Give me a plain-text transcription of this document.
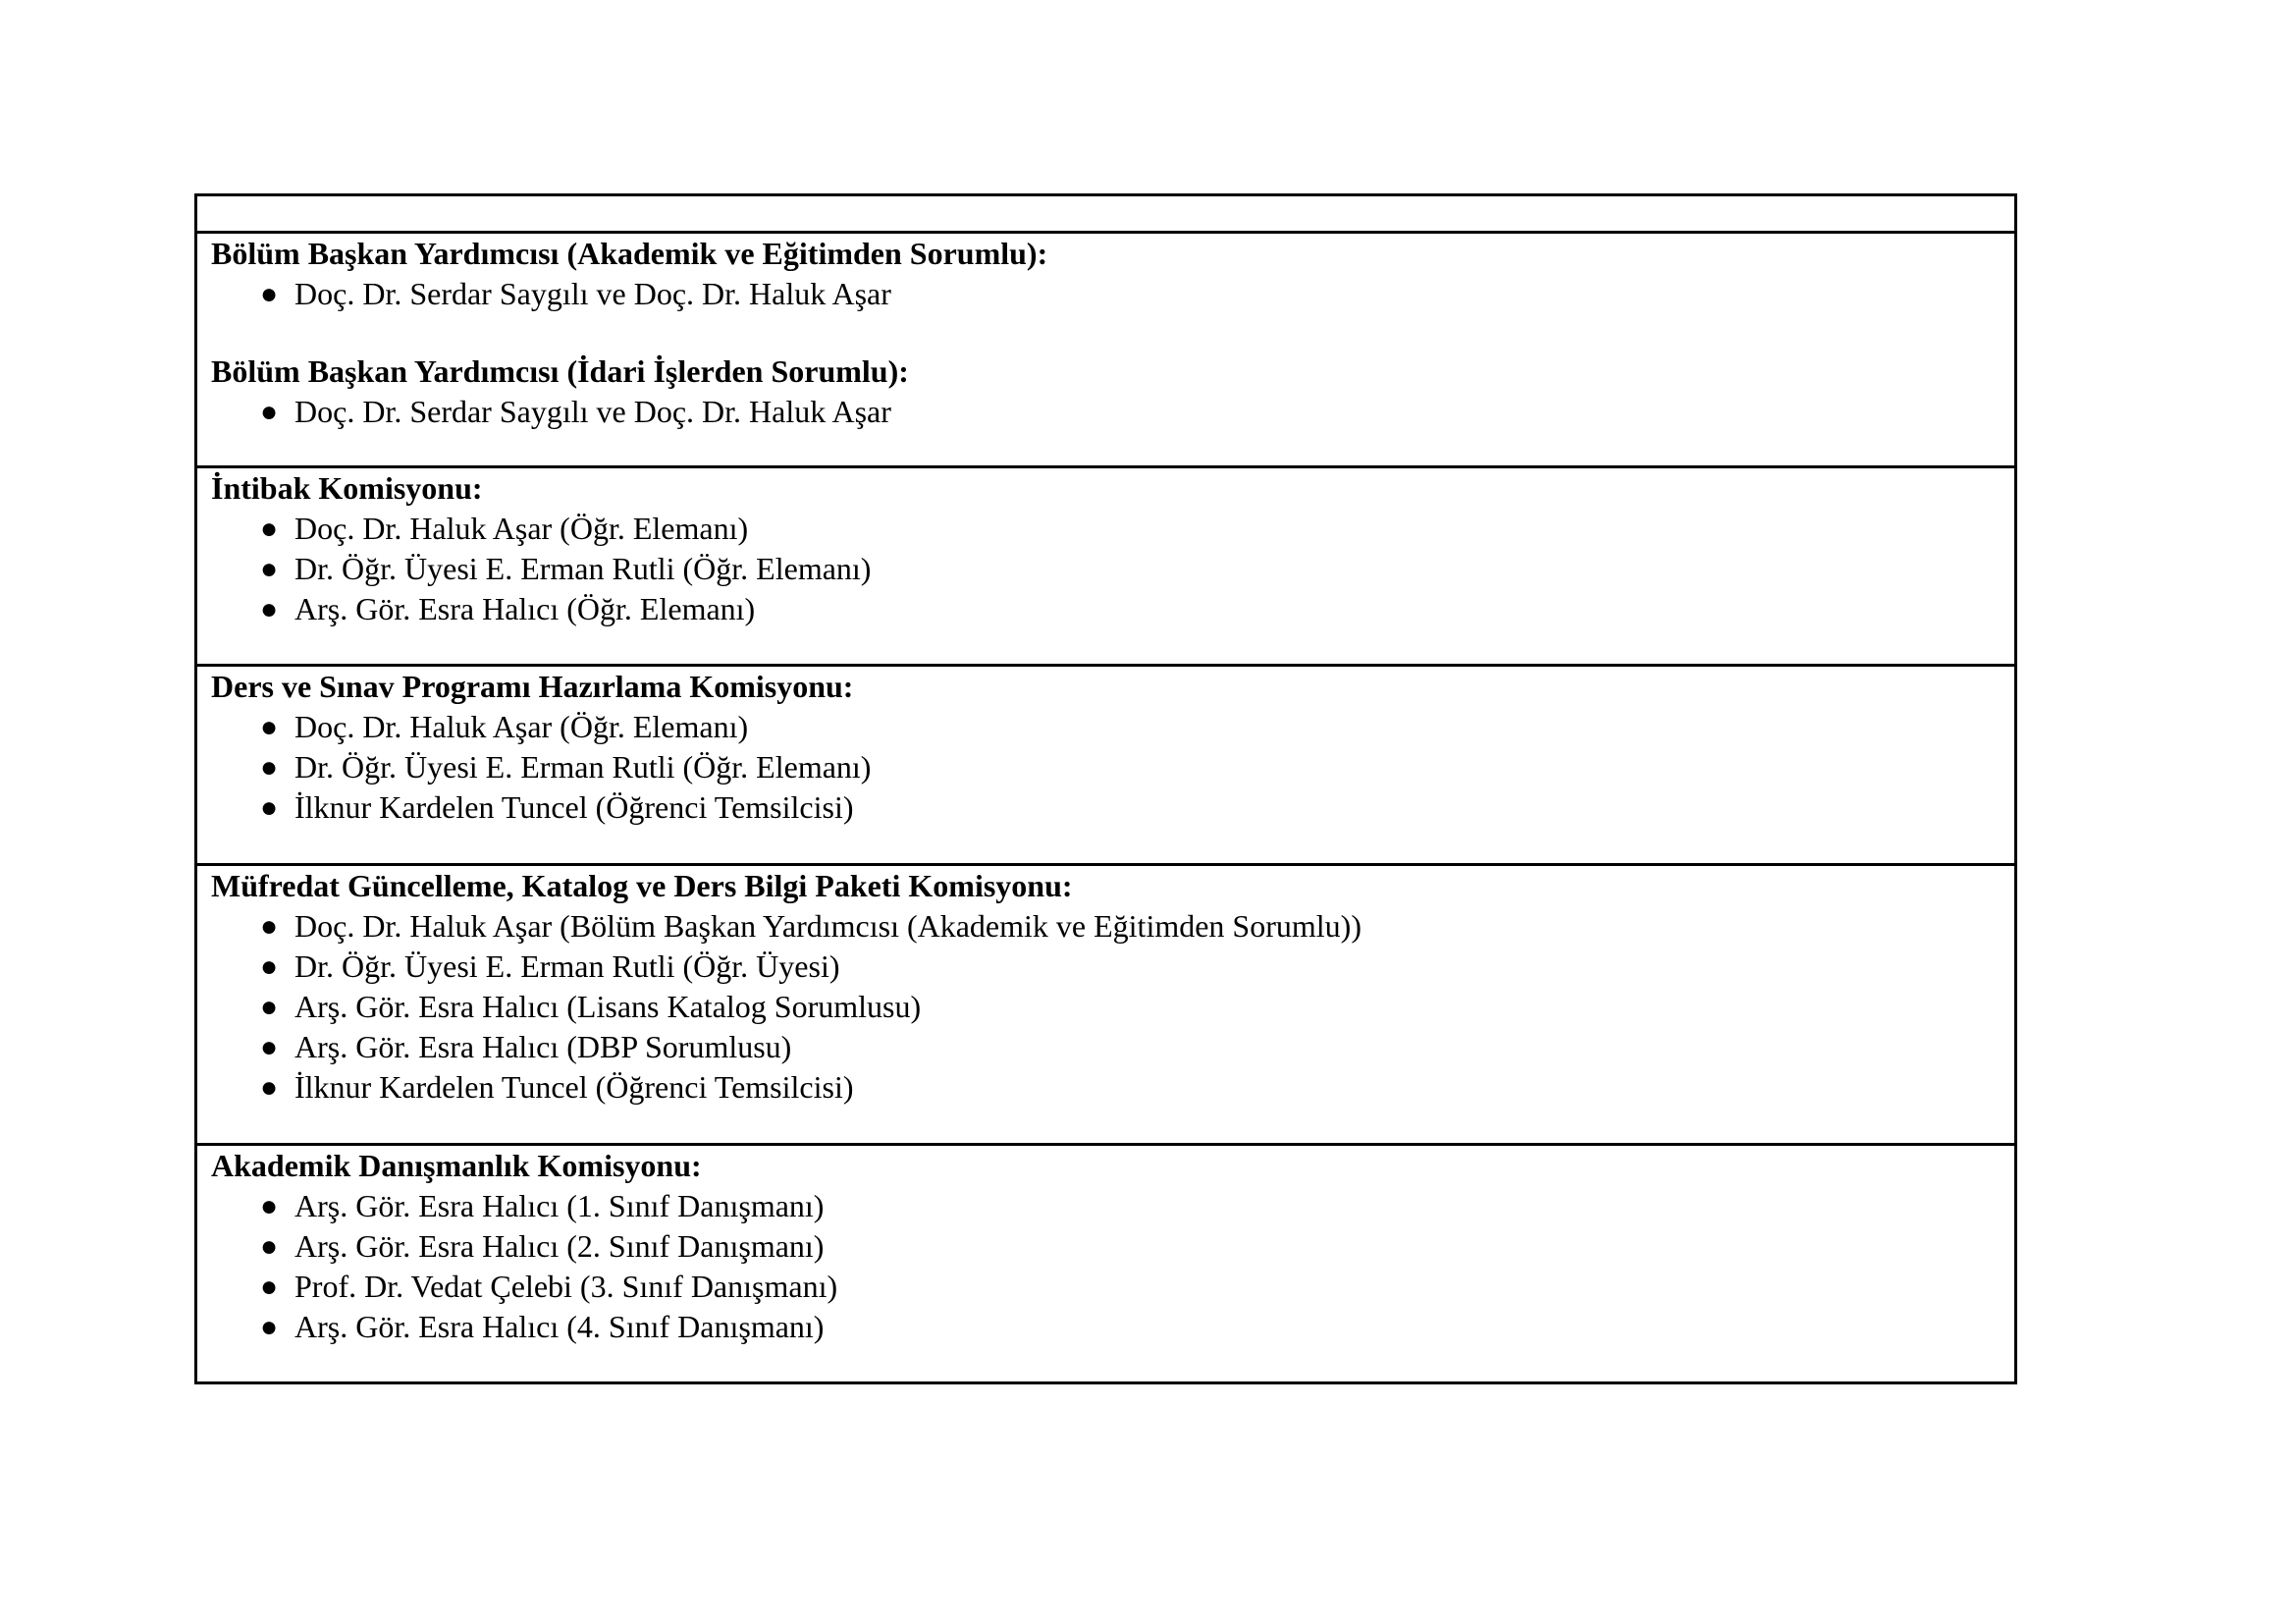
Bölüm Başkan Yardımcısı (Akademik ve Eğitimden Sorumlu):
● Doç. Dr. Serdar Saygılı ve Doç. Dr. Haluk Aşar
Bölüm Başkan Yardımcısı (İdari İşlerden Sorumlu):
● Doç. Dr. Serdar Saygılı ve Doç. Dr. Haluk Aşar
İntibak Komisyonu:
● Doç. Dr. Haluk Aşar (Öğr. Elemanı)
● Dr. Öğr. Üyesi E. Erman Rutli (Öğr. Elemanı)
● Arş. Gör. Esra Halıcı (Öğr. Elemanı)
Ders ve Sınav Programı Hazırlama Komisyonu:
● Doç. Dr. Haluk Aşar (Öğr. Elemanı)
● Dr. Öğr. Üyesi E. Erman Rutli (Öğr. Elemanı)
● İlknur Kardelen Tuncel (Öğrenci Temsilcisi)
Müfredat Güncelleme, Katalog ve Ders Bilgi Paketi Komisyonu:
● Doç. Dr. Haluk Aşar (Bölüm Başkan Yardımcısı (Akademik ve Eğitimden Sorumlu))
● Dr. Öğr. Üyesi E. Erman Rutli (Öğr. Üyesi)
● Arş. Gör. Esra Halıcı (Lisans Katalog Sorumlusu)
● Arş. Gör. Esra Halıcı (DBP Sorumlusu)
● İlknur Kardelen Tuncel (Öğrenci Temsilcisi)
Akademik Danışmanlık Komisyonu:
● Arş. Gör. Esra Halıcı (1. Sınıf Danışmanı)
● Arş. Gör. Esra Halıcı (2. Sınıf Danışmanı)
● Prof. Dr. Vedat Çelebi (3. Sınıf Danışmanı)
● Arş. Gör. Esra Halıcı (4. Sınıf Danışmanı)
